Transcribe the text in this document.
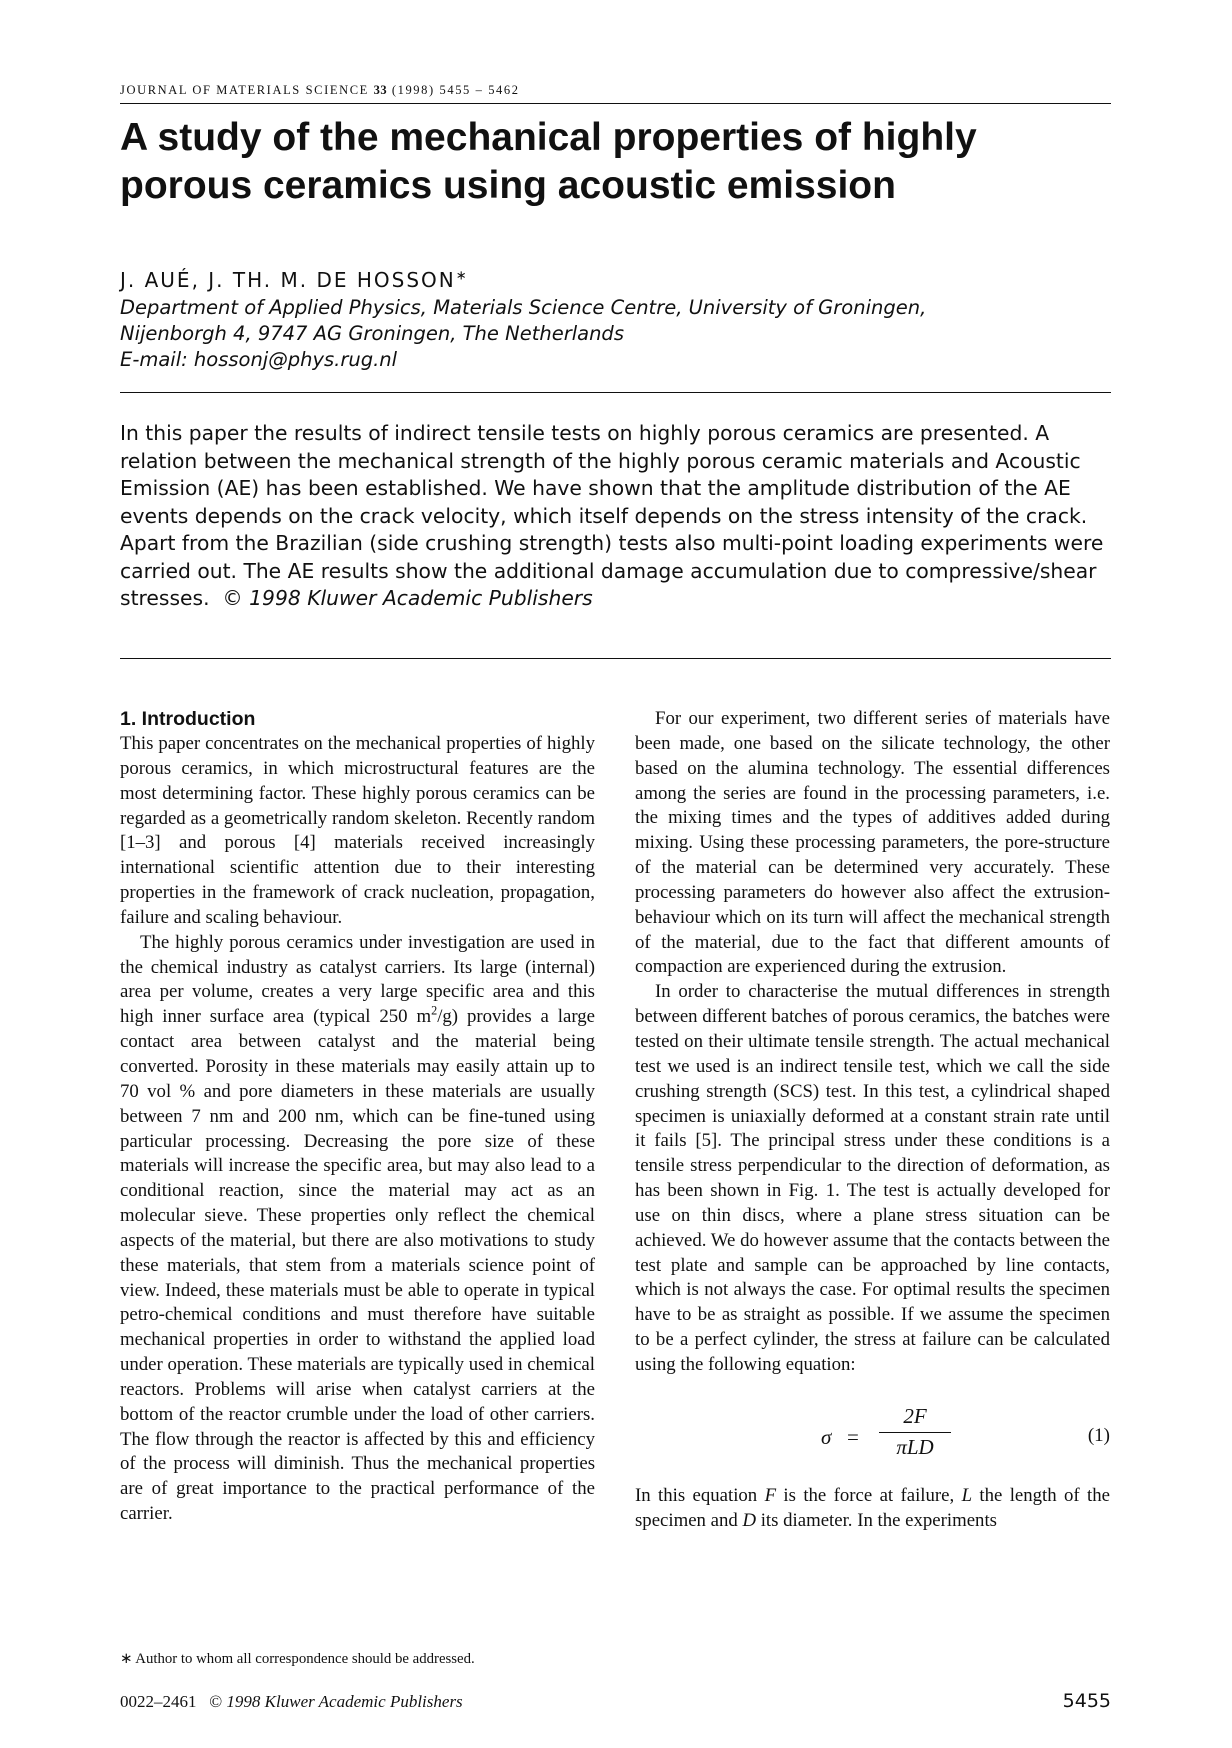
JOURNAL OF MATERIALS SCIENCE 33 (1998) 5455 – 5462
A study of the mechanical properties of highly porous ceramics using acoustic emission
J. AUÉ, J. TH. M. DE HOSSON∗
Department of Applied Physics, Materials Science Centre, University of Groningen,
Nijenborgh 4, 9747 AG Groningen, The Netherlands
E-mail: hossonj@phys.rug.nl

In this paper the results of indirect tensile tests on highly porous ceramics are presented. A relation between the mechanical strength of the highly porous ceramic materials and Acoustic Emission (AE) has been established. We have shown that the amplitude distribution of the AE events depends on the crack velocity, which itself depends on the stress intensity of the crack. Apart from the Brazilian (side crushing strength) tests also multi-point loading experiments were carried out. The AE results show the additional damage accumulation due to compressive/shear stresses. © 1998 Kluwer Academic Publishers

1. Introduction

This paper concentrates on the mechanical properties of highly porous ceramics, in which microstructural features are the most determining factor. These highly porous ceramics can be regarded as a geometrically random skeleton. Recently random [1–3] and porous [4] materials received increasingly international scientific attention due to their interesting properties in the framework of crack nucleation, propagation, failure and scaling behaviour.

The highly porous ceramics under investigation are used in the chemical industry as catalyst carriers. Its large (internal) area per volume, creates a very large specific area and this high inner surface area (typical 250 $m^2/g$) provides a large contact area between catalyst and the material being converted. Porosity in these materials may easily attain up to 70 vol % and pore diameters in these materials are usually between 7 nm and 200 nm, which can be fine-tuned using particular processing. Decreasing the pore size of these materials will increase the specific area, but may also lead to a conditional reaction, since the material may act as an molecular sieve. These properties only reflect the chemical aspects of the material, but there are also motivations to study these materials, that stem from a materials science point of view. Indeed, these materials must be able to operate in typical petro-chemical conditions and must therefore have suitable mechanical properties in order to withstand the applied load under operation. These materials are typically used in chemical reactors. Problems will arise when catalyst carriers at the bottom of the reactor crumble under the load of other carriers. The flow through the reactor is affected by this and efficiency of the process will diminish. Thus the mechanical properties are of great importance to the practical performance of the carrier.

For our experiment, two different series of materials have been made, one based on the silicate technology, the other based on the alumina technology. The essential differences among the series are found in the processing parameters, i.e. the mixing times and the types of additives added during mixing. Using these processing parameters, the pore-structure of the material can be determined very accurately. These processing parameters do however also affect the extrusion-behaviour which on its turn will affect the mechanical strength of the material, due to the fact that different amounts of compaction are experienced during the extrusion.

In order to characterise the mutual differences in strength between different batches of porous ceramics, the batches were tested on their ultimate tensile strength. The actual mechanical test we used is an indirect tensile test, which we call the side crushing strength (SCS) test. In this test, a cylindrical shaped specimen is uniaxially deformed at a constant strain rate until it fails [5]. The principal stress under these conditions is a tensile stress perpendicular to the direction of deformation, as has been shown in Fig. 1. The test is actually developed for use on thin discs, where a plane stress situation can be achieved. We do however assume that the contacts between the test plate and sample can be approached by line contacts, which is not always the case. For optimal results the specimen have to be as straight as possible. If we assume the specimen to be a perfect cylinder, the stress at failure can be calculated using the following equation:

σ =
2F
πLD	(1)

In this equation F is the force at failure, L the length of the specimen and D its diameter. In the experiments

∗ Author to whom all correspondence should be addressed.
0022–2461 © 1998 Kluwer Academic Publishers	5455
